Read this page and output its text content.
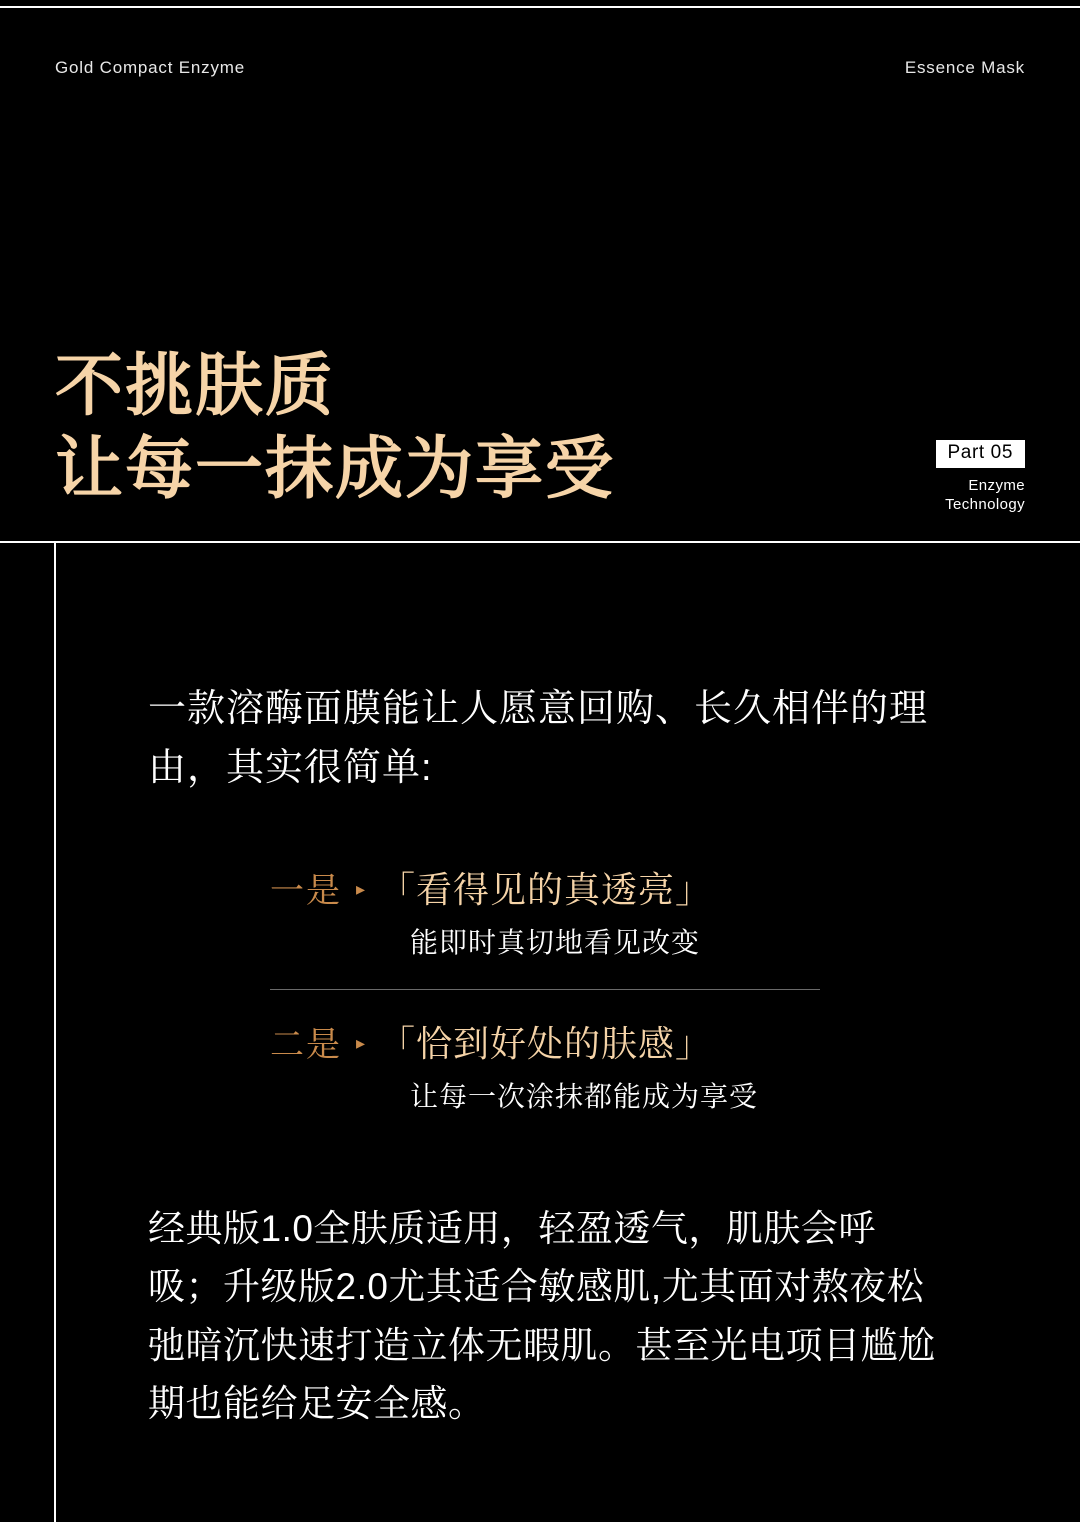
Gold Compact Enzyme	Essence Mask
不挑肤质
让每一抹成为享受	Part 05
Enzyme
Technology
一款溶酶面膜能让人愿意回购、长久相伴的理由，其实很简单:
一是 ▸ 「看得见的真透亮」
能即时真切地看见改变
二是 ▸ 「恰到好处的肤感」
让每一次涂抹都能成为享受
经典版1.0全肤质适用，轻盈透气，肌肤会呼吸；升级版2.0尤其适合敏感肌,尤其面对熬夜松弛暗沉快速打造立体无暇肌。甚至光电项目尴尬期也能给足安全感。
